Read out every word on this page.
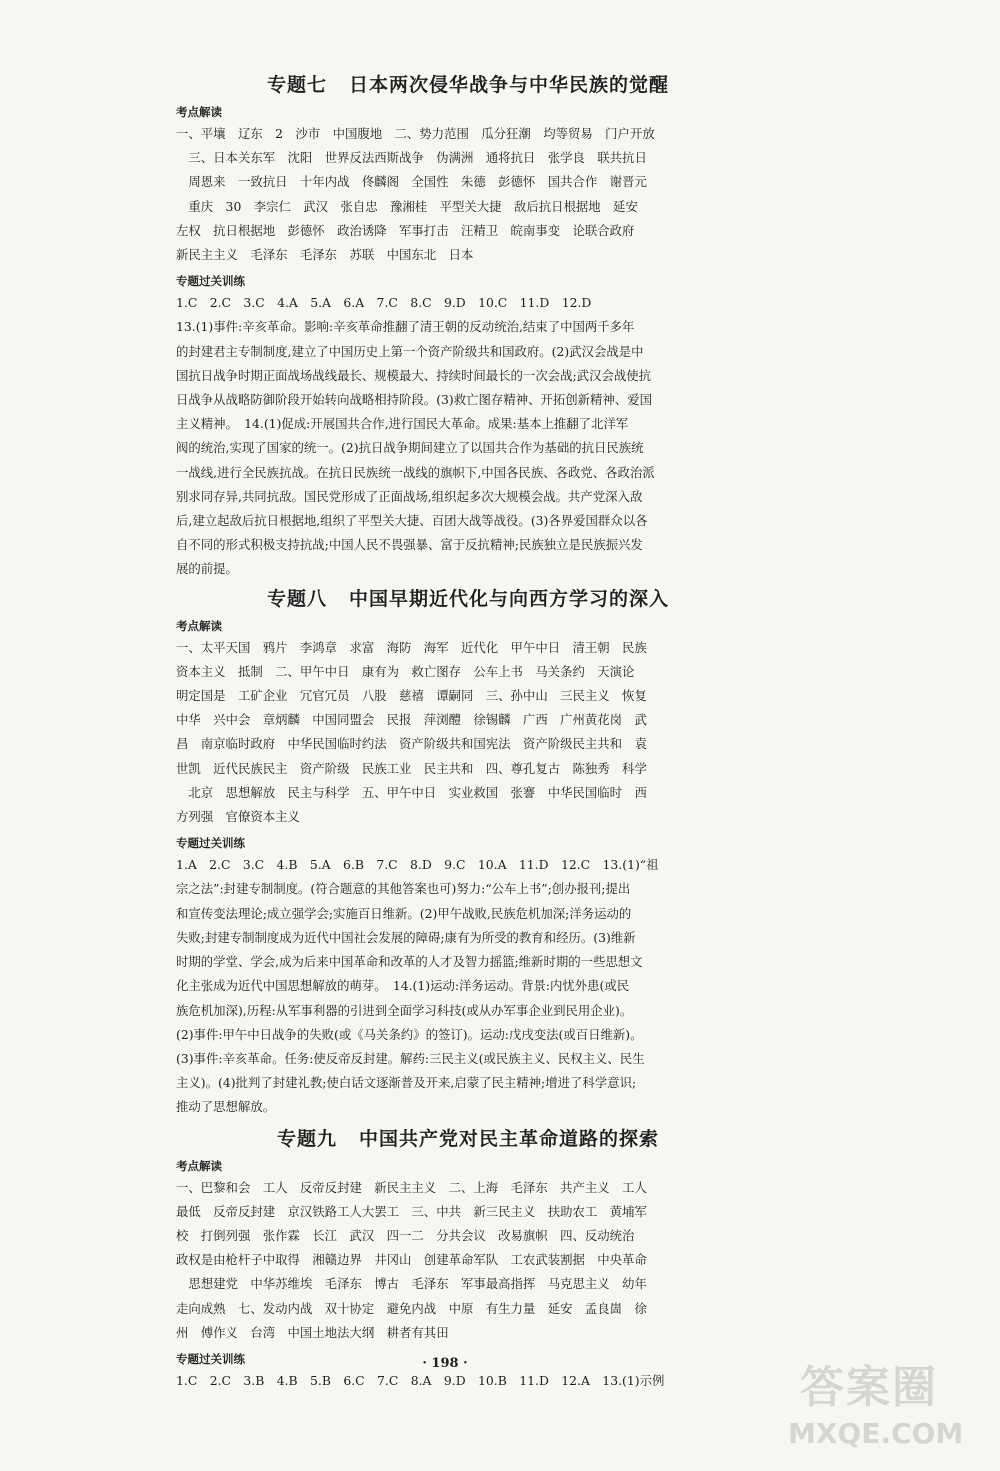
专题七 日本两次侵华战争与中华民族的觉醒
考点解读
一、平壤　辽东　2　沙市　中国腹地　二、势力范围　瓜分狂潮　均等贸易　门户开放
　三、日本关东军　沈阳　世界反法西斯战争　伪满洲　通将抗日　张学良　联共抗日
　周恩来　一致抗日　十年内战　佟麟阁　全国性　朱德　彭德怀　国共合作　谢晋元
　重庆　30　李宗仁　武汉　张自忠　豫湘桂　平型关大捷　敌后抗日根据地　延安
左权　抗日根据地　彭德怀　政治诱降　军事打击　汪精卫　皖南事变　论联合政府
新民主主义　毛泽东　毛泽东　苏联　中国东北　日本
专题过关训练
1.C　2.C　3.C　4.A　5.A　6.A　7.C　8.C　9.D　10.C　11.D　12.D
13.(1)事件:辛亥革命。影响:辛亥革命推翻了清王朝的反动统治,结束了中国两千多年
的封建君主专制制度,建立了中国历史上第一个资产阶级共和国政府。(2)武汉会战是中
国抗日战争时期正面战场战线最长、规模最大、持续时间最长的一次会战;武汉会战使抗
日战争从战略防御阶段开始转向战略相持阶段。(3)救亡图存精神、开拓创新精神、爱国
主义精神。　14.(1)促成:开展国共合作,进行国民大革命。成果:基本上推翻了北洋军
阀的统治,实现了国家的统一。(2)抗日战争期间建立了以国共合作为基础的抗日民族统
一战线,进行全民族抗战。在抗日民族统一战线的旗帜下,中国各民族、各政党、各政治派
别求同存异,共同抗敌。国民党形成了正面战场,组织起多次大规模会战。共产党深入敌
后,建立起敌后抗日根据地,组织了平型关大捷、百团大战等战役。(3)各界爱国群众以各
自不同的形式积极支持抗战;中国人民不畏强暴、富于反抗精神;民族独立是民族振兴发
展的前提。
专题八 中国早期近代化与向西方学习的深入
考点解读
一、太平天国　鸦片　李鸿章　求富　海防　海军　近代化　甲午中日　清王朝　民族
资本主义　抵制　二、甲午中日　康有为　救亡图存　公车上书　马关条约　天演论
明定国是　工矿企业　冗官冗员　八股　慈禧　谭嗣同　三、孙中山　三民主义　恢复
中华　兴中会　章炳麟　中国同盟会　民报　萍浏醴　徐锡麟　广西　广州黄花岗　武
昌　南京临时政府　中华民国临时约法　资产阶级共和国宪法　资产阶级民主共和　袁
世凯　近代民族民主　资产阶级　民族工业　民主共和　四、尊孔复古　陈独秀　科学
　北京　思想解放　民主与科学　五、甲午中日　实业救国　张謇　中华民国临时　西
方列强　官僚资本主义
专题过关训练
1.A　2.C　3.C　4.B　5.A　6.B　7.C　8.D　9.C　10.A　11.D　12.C　13.(1)“祖
宗之法”:封建专制制度。(符合题意的其他答案也可)努力:“公车上书”;创办报刊;提出
和宣传变法理论;成立强学会;实施百日维新。(2)甲午战败,民族危机加深;洋务运动的
失败;封建专制制度成为近代中国社会发展的障碍;康有为所受的教育和经历。(3)维新
时期的学堂、学会,成为后来中国革命和改革的人才及智力摇篮;维新时期的一些思想文
化主张成为近代中国思想解放的萌芽。　14.(1)运动:洋务运动。背景:内忧外患(或民
族危机加深),历程:从军事利器的引进到全面学习科技(或从办军事企业到民用企业)。
(2)事件:甲午中日战争的失败(或《马关条约》的签订)。运动:戊戌变法(或百日维新)。
(3)事件:辛亥革命。任务:使反帝反封建。解药:三民主义(或民族主义、民权主义、民生
主义)。(4)批判了封建礼教;使白话文逐渐普及开来,启蒙了民主精神;增进了科学意识;
推动了思想解放。
专题九 中国共产党对民主革命道路的探索
考点解读
一、巴黎和会　工人　反帝反封建　新民主主义　二、上海　毛泽东　共产主义　工人
最低　反帝反封建　京汉铁路工人大罢工　三、中共　新三民主义　扶助农工　黄埔军
校　打倒列强　张作霖　长江　武汉　四一二　分共会议　改易旗帜　四、反动统治
政权是由枪杆子中取得　湘赣边界　井冈山　创建革命军队　工农武装割据　中央革命
　思想建党　中华苏维埃　毛泽东　博古　毛泽东　军事最高指挥　马克思主义　幼年
走向成熟　七、发动内战　双十协定　避免内战　中原　有生力量　延安　孟良崮　徐
州　傅作义　台湾　中国土地法大纲　耕者有其田
专题过关训练
1.C　2.C　3.B　4.B　5.B　6.C　7.C　8.A　9.D　10.B　11.D　12.A　13.(1)示例
· 198 ·	答案圈
MXQE.COM
